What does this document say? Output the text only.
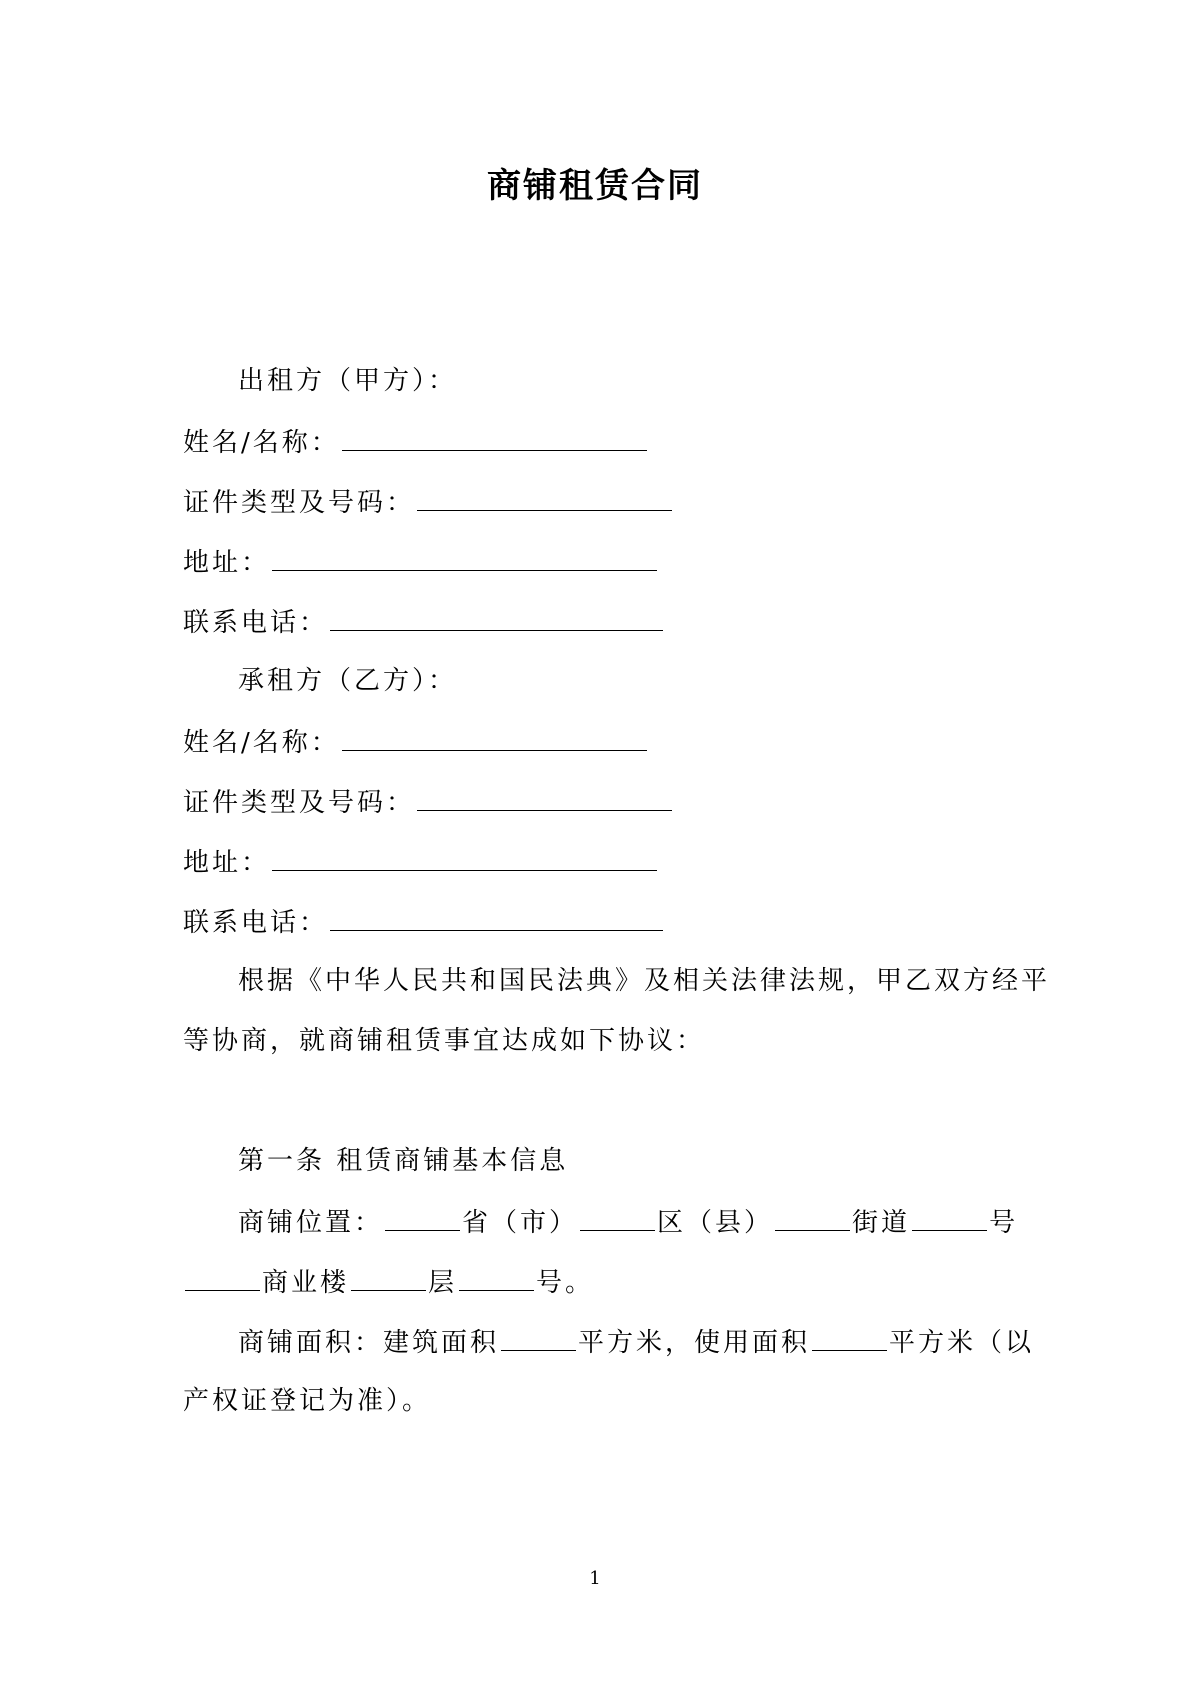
商铺租赁合同
出租方（甲方）：
姓名/名称：
证件类型及号码：
地址：
联系电话：
承租方（乙方）：
姓名/名称：
证件类型及号码：
地址：
联系电话：
根据《中华人民共和国民法典》及相关法律法规，甲乙双方经平
等协商，就商铺租赁事宜达成如下协议：
第一条 租赁商铺基本信息
商铺位置：	省（市）	区（县）	街道	号
商业楼	层	号。
商铺面积：建筑面积	平方米，使用面积	平方米（以
产权证登记为准）。
1
